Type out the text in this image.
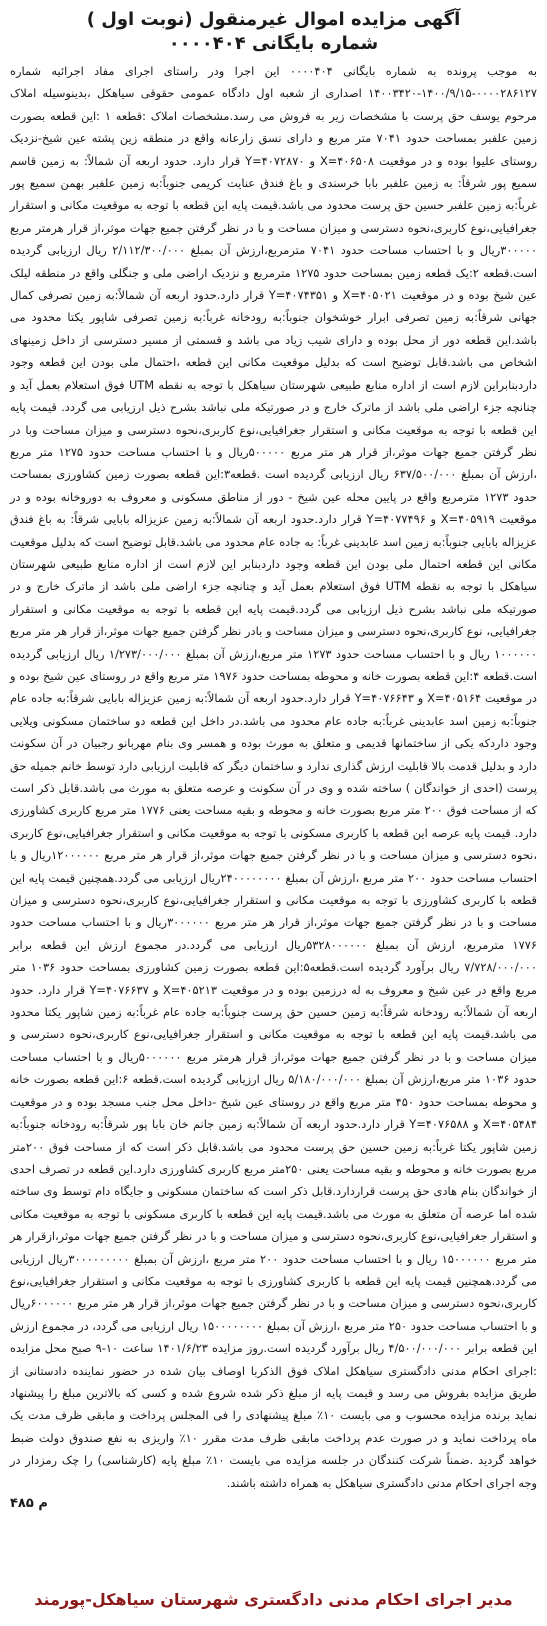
آگهی مزایده اموال غیرمنقول (نوبت اول )
شماره بایگانی ۰۰۰۰۴۰۴
به موجب پرونده به شماره بایگانی ۰۰۰۰۴۰۴ این اجرا ودر راستای اجرای مفاد اجرائیه شماره ۰۰۰۰۲۸۶۱۲۷-۱۴۰۰/۹/۱۵-۱۴۰۰۳۴۲۰ اصداری از شعبه اول دادگاه عمومی حقوقی سیاهکل ،بدینوسیله املاک مرحوم یوسف حق پرست با مشخصات زیر به فروش می رسد.مشخصات املاک :قطعه ۱ :این قطعه بصورت زمین علفبر بمساحت حدود ۷۰۴۱ متر مربع و دارای نسق زارعانه واقع در منطقه زین پشته عین شیخ-نزدیک روستای علیوا بوده و در موقعیت X=۴۰۶۵۰۸ و Y=۴۰۷۲۸۷۰ قرار دارد. حدود اربعه آن شمالاً: به زمین قاسم سمیع پور شرقاً: به زمین علفبر بابا خرسندی و باغ فندق عنایت کریمی جنوباً:به زمین علفبر بهمن سمیع پور غرباً:به زمین علفبر حسین حق پرست محدود می باشد.قیمت پایه این قطعه با توجه به موقعیت مکانی و استقرار جغرافیایی،نوع کاربری،نحوه دسترسی و میزان مساحت و با در نظر گرفتن جمیع جهات موثر،از قرار هرمتر مربع ۳۰۰۰۰۰ریال و با احتساب مساحت حدود ۷۰۴۱ مترمربع،ارزش آن بمبلغ ۲/۱۱۲/۳۰۰/۰۰۰ ریال ارزیابی گردیده است.قطعه ۲:یک قطعه زمین بمساحت حدود ۱۲۷۵ مترمربع و نزدیک اراضی ملی و جنگلی واقع در منطقه لیلک عین شیخ بوده و در موقعیت X=۴۰۵۰۲۱ و Y=۴۰۷۴۳۵۱ قرار دارد.حدود اربعه آن شمالاً:به زمین تصرفی کمال جهانی شرقاً:به زمین تصرفی ابرار خوشخوان جنوباً:به رودخانه غرباً:به زمین تصرفی شاپور یکتا محدود می باشد.این قطعه دور از محل بوده و دارای شیب زیاد می باشد و قسمتی از مسیر دسترسی از داخل زمینهای اشخاص می باشد.قابل توضیح است که بدلیل موقعیت مکانی این قطعه ،احتمال ملی بودن این قطعه وجود داردبنابراین لازم است از اداره منابع طبیعی شهرستان سیاهکل با توجه به نقطه UTM فوق استعلام بعمل آید و چنانچه جزء اراضی ملی باشد از ماترک خارج و در صورتیکه ملی نباشد بشرح ذیل ارزیابی می گردد. قیمت پایه این قطعه با توجه به موقعیت مکانی و استقرار جغرافیایی،نوع کاربری،نحوه دسترسی و میزان مساحت وبا در نظر گرفتن جمیع جهات موثر،از قرار هر متر مربع ۵۰۰۰۰۰ریال و با احتساب مساحت حدود ۱۲۷۵ متر مربع ،ارزش آن بمبلغ ۶۳۷/۵۰۰/۰۰۰ ریال ارزیابی گردیده است .قطعه۳:این قطعه بصورت زمین کشاورزی بمساحت حدود ۱۲۷۳ مترمربع واقع در پایین محله عین شیخ - دور از مناطق مسکونی و معروف به دوروخانه بوده و در موقعیت X=۴۰۵۹۱۹ و Y=۴۰۷۷۴۹۶ قرار دارد.حدود اربعه آن شمالاً:به زمین عزیزاله بابایی شرقاً: به باغ فندق عزیزاله بابایی جنوباً:به زمین اسد عابدینی غرباً: به جاده عام محدود می باشد.قابل توضیح است که بدلیل موقعیت مکانی این قطعه احتمال ملی بودن این قطعه وجود داردبنابر این لازم است از اداره منابع طبیعی شهرستان سیاهکل با توجه به نقطه UTM فوق استعلام بعمل آید و چنانچه جزء اراضی ملی باشد از ماترک خارج و در صورتیکه ملی نباشد بشرح ذیل ارزیابی می گردد.قیمت پایه این قطعه با توجه به موقعیت مکانی و استقرار جغرافیایی، نوع کاربری،نحوه دسترسی و میزان مساحت و بادر نظر گرفتن جمیع جهات موثر،از قرار هر متر مربع ۱۰۰۰۰۰۰ ریال و با احتساب مساحت حدود ۱۲۷۳ متر مربع،ارزش آن بمبلغ ۱/۲۷۳/۰۰۰/۰۰۰ ریال ارزیابی گردیده است.قطعه ۴:این قطعه بصورت خانه و محوطه بمساحت حدود ۱۹۷۶ متر مربع واقع در روستای عین شیخ بوده و در موقعیت X=۴۰۵۱۶۴ و Y=۴۰۷۶۶۴۳ قرار دارد.حدود اربعه آن شمالاً:به زمین عزیزاله بابایی شرقاً:به جاده عام جنوباً:به زمین اسد عابدینی غرباً:به جاده عام محدود می باشد.در داخل این قطعه دو ساختمان مسکونی ویلایی وجود داردکه یکی از ساختمانها قدیمی و متعلق به مورث بوده و همسر وی بنام مهربانو رجبیان در آن سکونت دارد و بدلیل قدمت بالا قابلیت ارزش گذاری ندارد و ساختمان دیگر که قابلیت ارزیابی دارد توسط خانم جمیله حق پرست (احدی از خواندگان ) ساخته شده و وی در آن سکونت و عرصه متعلق به مورث می باشد.قابل ذکر است که از مساحت فوق ۲۰۰ متر مربع بصورت خانه و محوطه و بقیه مساحت یعنی ۱۷۷۶ متر مربع کاربری کشاورزی دارد. قیمت پایه عرصه این قطعه با کاربری مسکونی با توجه به موقعیت مکانی و استقرار جغرافیایی،نوع کاربری ،نحوه دسترسی و میزان مساحت و با در نظر گرفتن جمیع جهات موثر،از قرار هر متر مربع ۱۲۰۰۰۰۰۰ریال و با احتساب مساحت حدود ۲۰۰ متر مربع ،ارزش آن بمبلغ ۲۴۰۰۰۰۰۰۰۰ریال ارزیابی می گردد.همچنین قیمت پایه این قطعه با کاربری کشاورزی با توجه به موقعیت مکانی و استقرار جغرافیایی،نوع کاربری،نحوه دسترسی و میزان مساحت و با در نظر گرفتن جمیع جهات موثر،از قرار هر متر مربع ۳۰۰۰۰۰۰ریال و با احتساب مساحت حدود ۱۷۷۶ مترمربع، ارزش آن بمبلغ ۵۳۲۸۰۰۰۰۰۰ریال ارزیابی می گردد.در مجموع ارزش این قطعه برابر ۷/۷۲۸/۰۰۰/۰۰۰ ریال برآورد گردیده است.قطعه۵:این قطعه بصورت زمین کشاورزی بمساحت حدود ۱۰۳۶ متر مربع واقع در عین شیخ و معروف به له درزمین بوده و در موقعیت X=۴۰۵۲۱۳ و Y=۴۰۷۶۶۳۷ قرار دارد. حدود اربعه آن شمالاً:به رودخانه شرقاً:به زمین حسین حق پرست جنوباً:به جاده عام غرباً:به زمین شاپور یکتا محدود می باشد.قیمت پایه این قطعه با توجه به موقعیت مکانی و استقرار جغرافیایی،نوع کاربری،نحوه دسترسی و میزان مساحت و با در نظر گرفتن جمیع جهات موثر،از قرار هرمتر مربع ۵۰۰۰۰۰۰ریال و با احتساب مساحت حدود ۱۰۳۶ متر مربع،ارزش آن بمبلغ ۵/۱۸۰/۰۰۰/۰۰۰ ریال ارزیابی گردیده است.قطعه ۶:این قطعه بصورت خانه و محوطه بمساحت حدود ۴۵۰ متر مربع واقع در روستای عین شیخ -داخل محل جنب مسجد بوده و در موقعیت X=۴۰۵۴۸۴ و Y=۴۰۷۶۵۸۸ قرار دارد.حدود اربعه آن شمالاً:به زمین جانم خان بابا پور شرقاً:به رودخانه جنوباً:به زمین شاپور یکتا غرباً:به زمین حسین حق پرست محدود می باشد.قابل ذکر است که از مساحت فوق ۲۰۰متر مربع بصورت خانه و محوطه و بقیه مساحت یعنی ۲۵۰متر مربع کاربری کشاورزی دارد.این قطعه در تصرف احدی از خواندگان بنام هادی حق پرست قراردارد.قابل ذکر است که ساختمان مسکونی و جایگاه دام توسط وی ساخته شده اما عرصه آن متعلق به مورث می باشد.قیمت پایه این قطعه با کاربری مسکونی با توجه به موقعیت مکانی و استقرار جغرافیایی،نوع کاربری،نحوه دسترسی و میزان مساحت و با در نظر گرفتن جمیع جهات موثر،ازقرار هر متر مربع ۱۵۰۰۰۰۰۰ ریال و با احتساب مساحت حدود ۲۰۰ متر مربع ،ارزش آن بمبلغ ۳۰۰۰۰۰۰۰۰۰ریال ارزیابی می گردد.همچنین قیمت پایه این قطعه با کاربری کشاورزی با توجه به موقعیت مکانی و استقرار جغرافیایی،نوع کاربری،نحوه دسترسی و میزان مساحت و با در نظر گرفتن جمیع جهات موثر،از قرار هر متر مربع ۶۰۰۰۰۰۰ریال و با احتساب مساحت حدود ۲۵۰ متر مربع ،ارزش آن بمبلغ ۱۵۰۰۰۰۰۰۰۰ ریال ارزیابی می گردد، در مجموع ارزش این قطعه برابر ۴/۵۰۰/۰۰۰/۰۰۰ ریال برآورد گردیده است.روز مزایده ۱۴۰۱/۶/۲۳ ساعت ۱۰-۹ صبح محل مزایده :اجرای احکام مدنی دادگستری سیاهکل املاک فوق الذکربا اوصاف بیان شده در حضور نماینده دادستانی از طریق مزایده بفروش می رسد و قیمت پایه از مبلغ ذکر شده شروع شده و کسی که بالاترین مبلغ را پیشنهاد نماید برنده مزایده محسوب و می بایست ۱۰٪ مبلغ پیشنهادی را فی المجلس پرداخت و مابقی ظرف مدت یک ماه پرداخت نماید و در صورت عدم پرداخت مابقی ظرف مدت مقرر ۱۰٪ واریزی به نفع صندوق دولت ضبط خواهد گردید .ضمناً شرکت کنندگان در جلسه مزایده می بایست ۱۰٪ مبلغ پایه (کارشناسی) را چک رمزدار در وجه اجرای احکام مدنی دادگستری سیاهکل به همراه داشته باشند.
م ۴۸۵
مدیر اجرای احکام مدنی دادگستری شهرستان سیاهکل-پورمند
